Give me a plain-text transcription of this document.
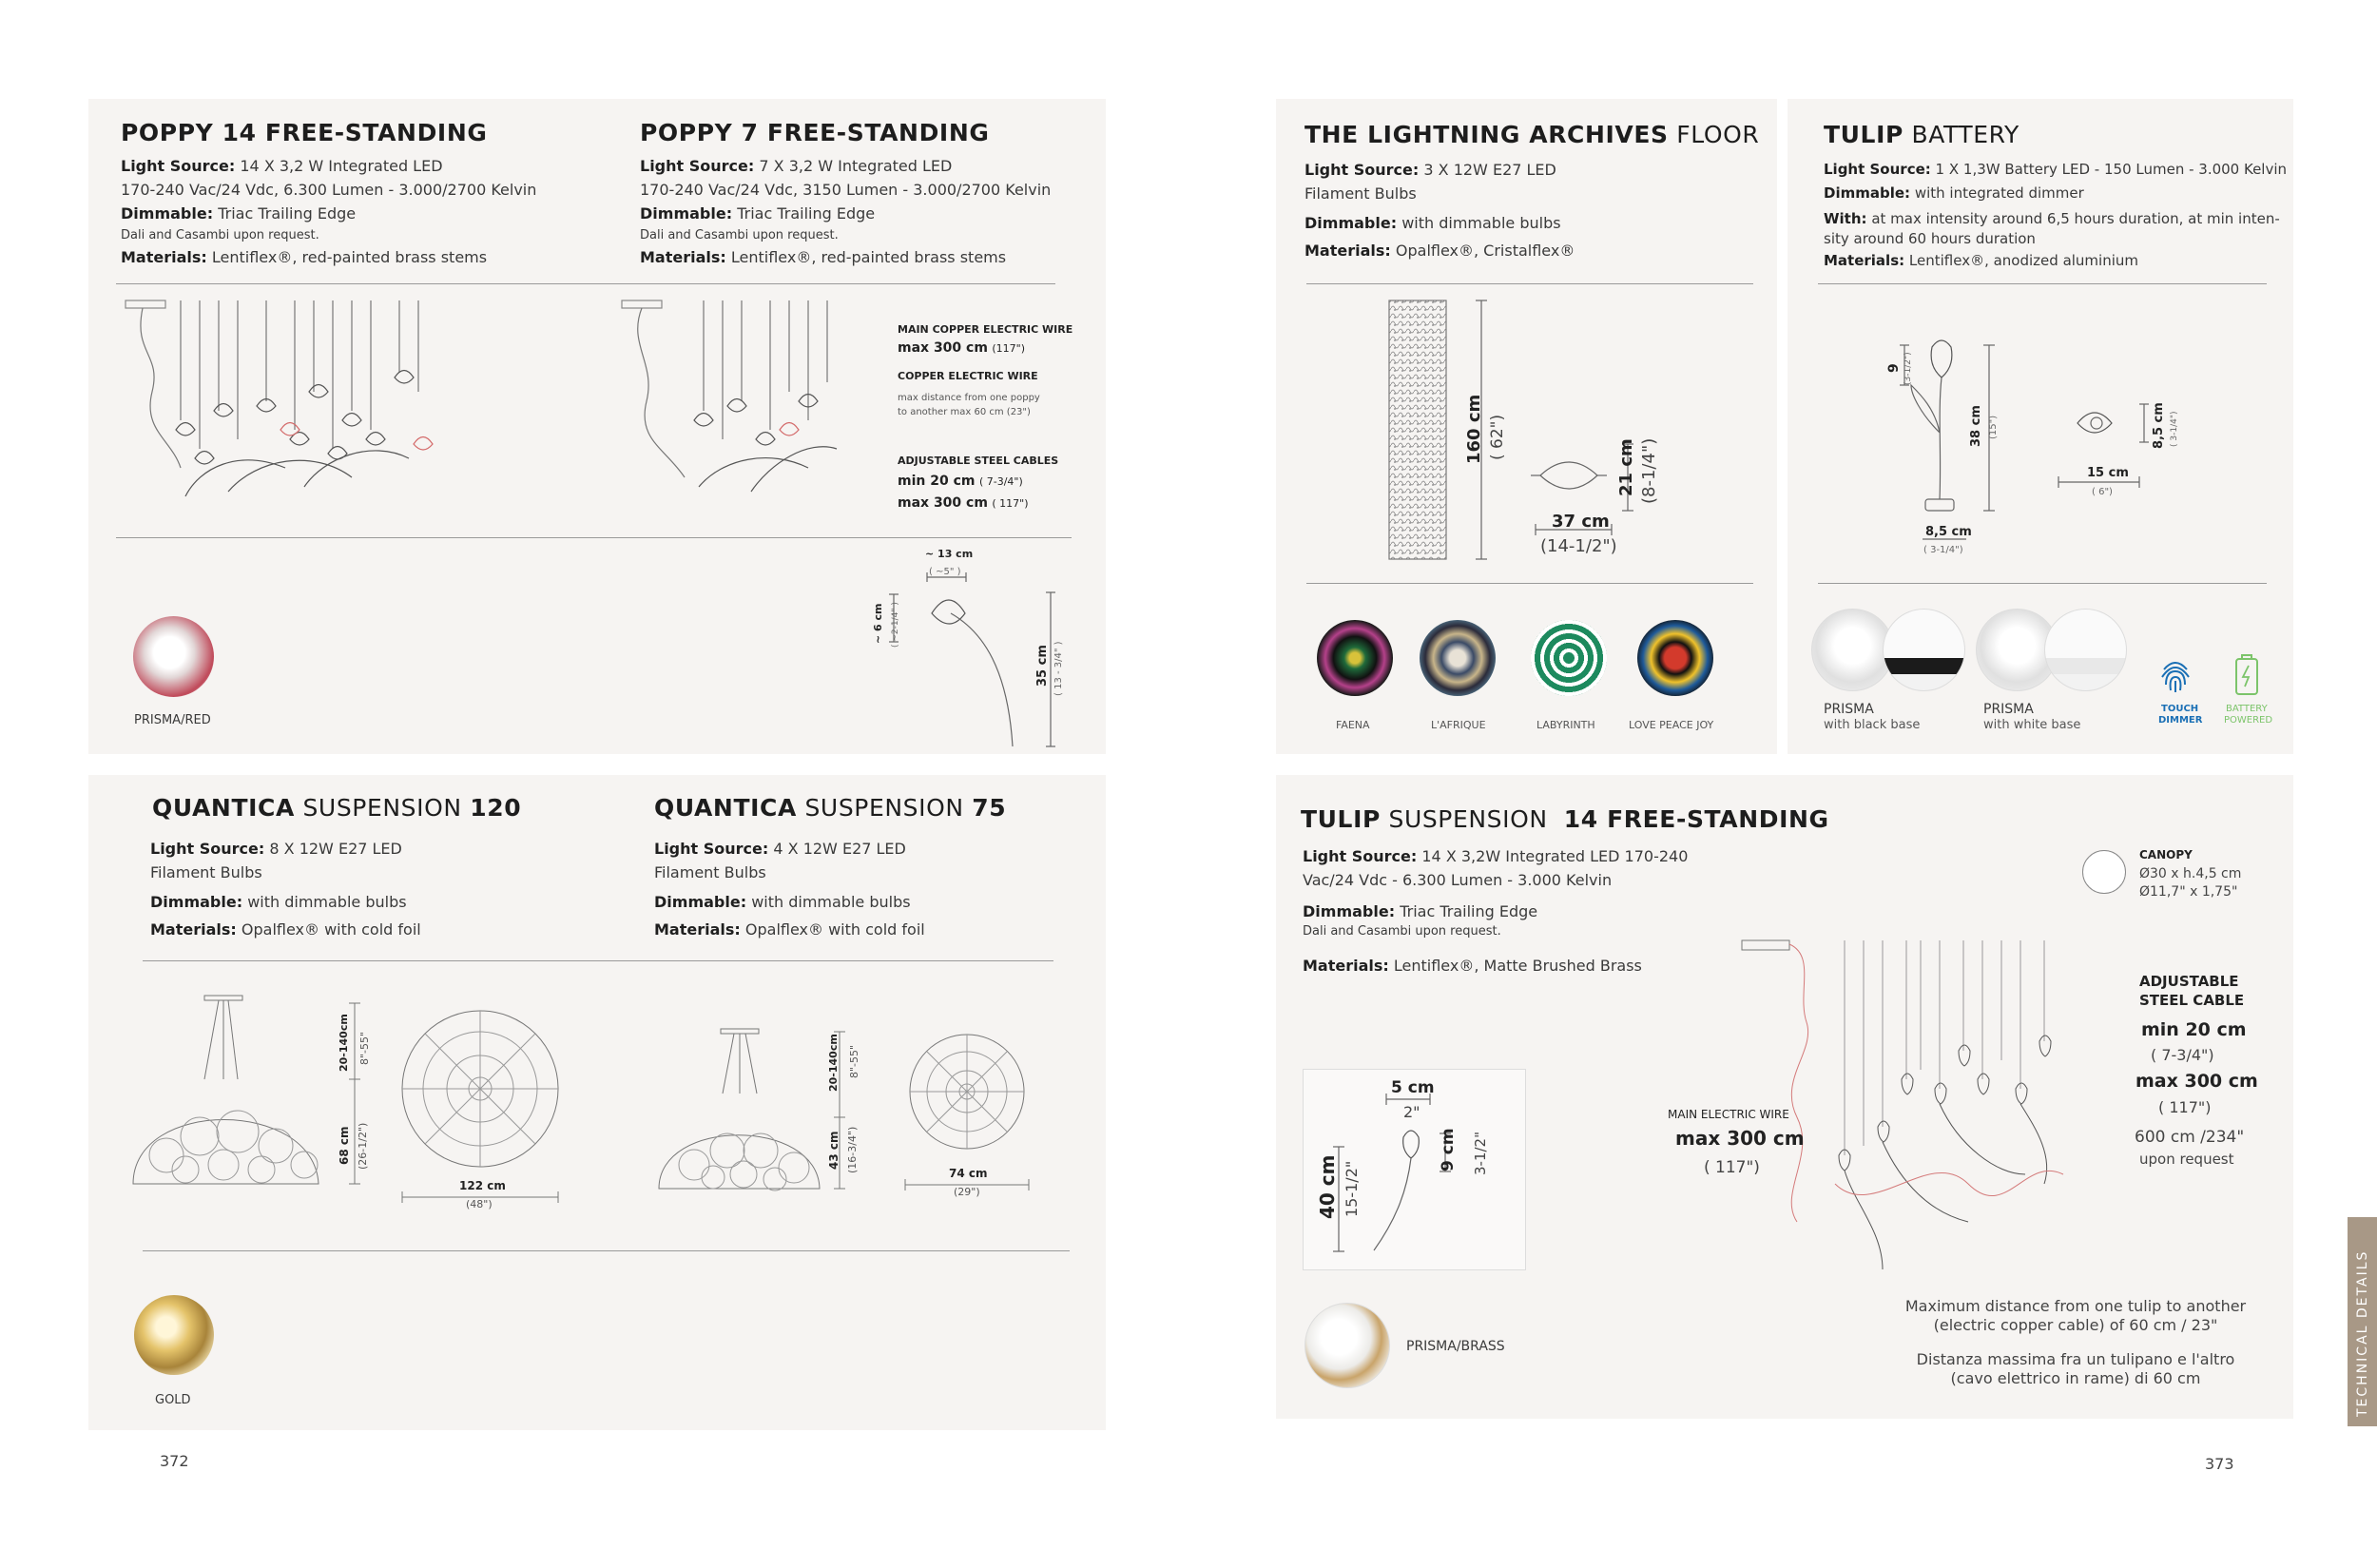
POPPY 14 FREE-STANDING
Light Source: 14 X 3,2 W Integrated LED
170-240 Vac/24 Vdc, 6.300 Lumen - 3.000/2700 Kelvin
Dimmable: Triac Trailing Edge
Dali and Casambi upon request.
Materials: Lentiflex®, red-painted brass stems
PRISMA/RED
POPPY 7 FREE-STANDING
Light Source: 7 X 3,2 W Integrated LED
170-240 Vac/24 Vdc, 3150 Lumen - 3.000/2700 Kelvin
Dimmable: Triac Trailing Edge
Dali and Casambi upon request.
Materials: Lentiflex®, red-painted brass stems
MAIN COPPER ELECTRIC WIRE
max 300 cm (117")
COPPER ELECTRIC WIRE
max distance from one poppy
to another max 60 cm (23")
ADJUSTABLE STEEL CABLES
min 20 cm ( 7-3/4")
max 300 cm ( 117")
~ 13 cm
( ~5" )
~ 6 cm ( ~2-1/4" )
35 cm ( 13 - 3/4" )
THE LIGHTNING ARCHIVES FLOOR
Light Source: 3 X 12W E27 LED
Filament Bulbs
Dimmable: with dimmable bulbs
Materials: Opalflex®, Cristalflex®
160 cm ( 62")
37 cm
(14-1/2")
21 cm (8-1/4")
FAENA	L'AFRIQUE	LABYRINTH	LOVE PEACE JOY
TULIP BATTERY
Light Source: 1 X 1,3W Battery LED - 150 Lumen - 3.000 Kelvin
Dimmable: with integrated dimmer
With: at max intensity around 6,5 hours duration, at min inten-
sity around 60 hours duration
Materials: Lentiflex®, anodized aluminium
9 (3-1/2")
38 cm (15")
8,5 cm
( 3-1/4")
15 cm
( 6")
8,5 cm ( 3-1/4")
PRISMA
with black base
PRISMA
with white base
TOUCH
DIMMER
BATTERY
POWERED
QUANTICA SUSPENSION 120
Light Source: 8 X 12W E27 LED
Filament Bulbs
Dimmable: with dimmable bulbs
Materials: Opalflex® with cold foil
20-140cm 8"-55"
68 cm (26-1/2")
122 cm
(48")
QUANTICA SUSPENSION 75
Light Source: 4 X 12W E27 LED
Filament Bulbs
Dimmable: with dimmable bulbs
Materials: Opalflex® with cold foil
20-140cm 8"-55"
43 cm (16-3/4")	74 cm
(29")
GOLD
TULIP SUSPENSION 14 FREE-STANDING
Light Source: 14 X 3,2W Integrated LED 170-240
Vac/24 Vdc - 6.300 Lumen - 3.000 Kelvin
Dimmable: Triac Trailing Edge
Dali and Casambi upon request.
Materials: Lentiflex®, Matte Brushed Brass
CANOPY
Ø30 x h.4,5 cm
Ø11,7" x 1,75"
5 cm
2"
40 cm 15-1/2"
9 cm 3-1/2"
MAIN ELECTRIC WIRE
max 300 cm
( 117")
ADJUSTABLE
STEEL CABLE
min 20 cm
( 7-3/4")
max 300 cm
( 117")
600 cm /234"
upon request
PRISMA/BRASS
Maximum distance from one tulip to another
(electric copper cable) of 60 cm / 23"
Distanza massima fra un tulipano e l'altro
(cavo elettrico in rame) di 60 cm
372	373
TECHNICAL DETAILS
